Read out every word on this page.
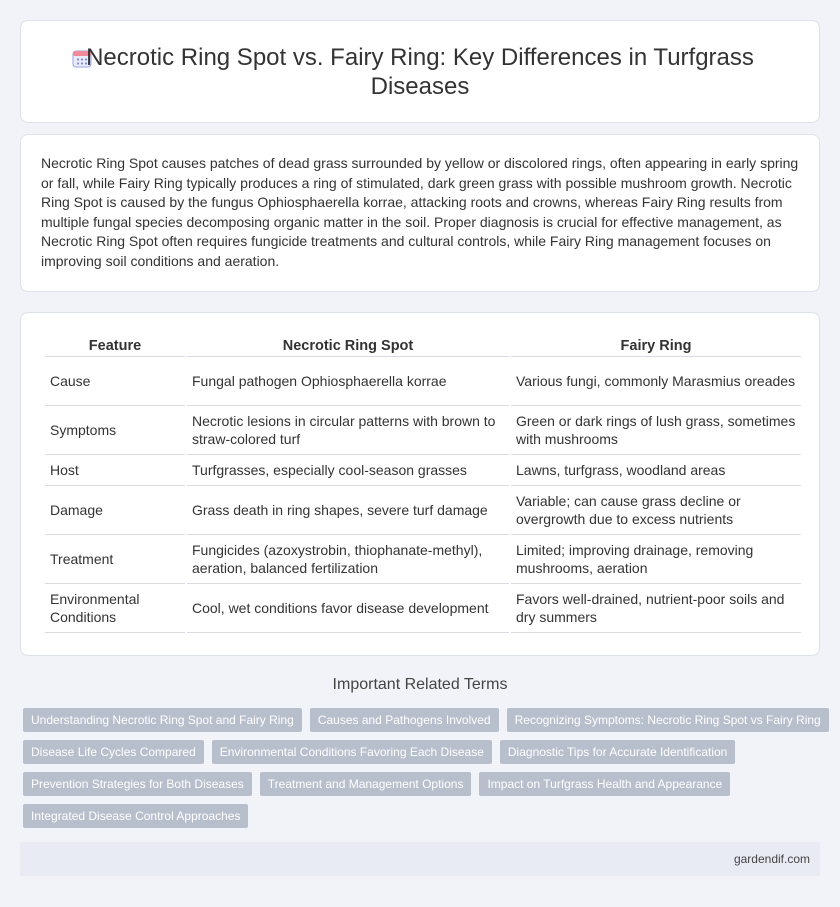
Necrotic Ring Spot vs. Fairy Ring: Key Differences in Turfgrass Diseases

Necrotic Ring Spot causes patches of dead grass surrounded by yellow or discolored rings, often appearing in early spring or fall, while Fairy Ring typically produces a ring of stimulated, dark green grass with possible mushroom growth. Necrotic Ring Spot is caused by the fungus Ophiosphaerella korrae, attacking roots and crowns, whereas Fairy Ring results from multiple fungal species decomposing organic matter in the soil. Proper diagnosis is crucial for effective management, as Necrotic Ring Spot often requires fungicide treatments and cultural controls, while Fairy Ring management focuses on improving soil conditions and aeration.

Feature	Necrotic Ring Spot	Fairy Ring
Cause	Fungal pathogen Ophiosphaerella korrae	Various fungi, commonly Marasmius oreades
Symptoms	Necrotic lesions in circular patterns with brown to straw-colored turf	Green or dark rings of lush grass, sometimes with mushrooms
Host	Turfgrasses, especially cool-season grasses	Lawns, turfgrass, woodland areas
Damage	Grass death in ring shapes, severe turf damage	Variable; can cause grass decline or overgrowth due to excess nutrients
Treatment	Fungicides (azoxystrobin, thiophanate-methyl), aeration, balanced fertilization	Limited; improving drainage, removing mushrooms, aeration
Environmental Conditions	Cool, wet conditions favor disease development	Favors well-drained, nutrient-poor soils and dry summers
Important Related Terms
Understanding Necrotic Ring Spot and Fairy Ring	Causes and Pathogens Involved	Recognizing Symptoms: Necrotic Ring Spot vs Fairy Ring
Disease Life Cycles Compared	Environmental Conditions Favoring Each Disease	Diagnostic Tips for Accurate Identification
Prevention Strategies for Both Diseases	Treatment and Management Options	Impact on Turfgrass Health and Appearance
Integrated Disease Control Approaches
gardendif.com
